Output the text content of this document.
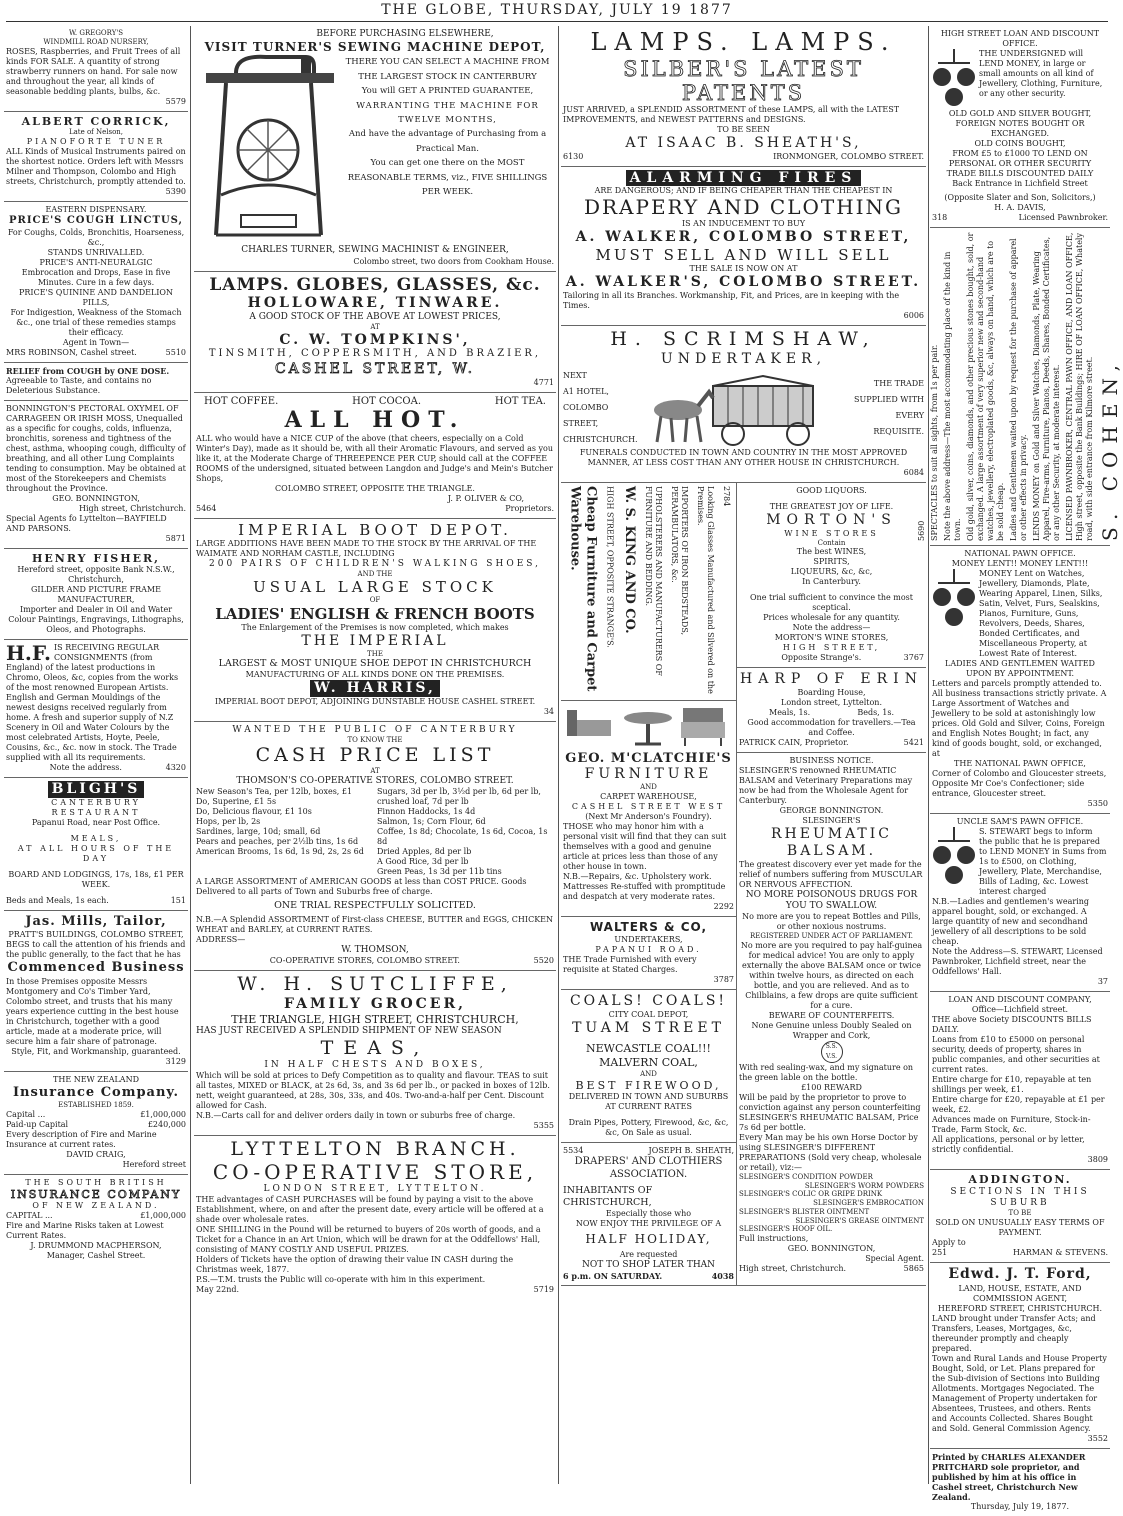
THE GLOBE, THURSDAY, JULY 19 1877
W. GREGORY'S
WINDMILL ROAD NURSERY,
ROSES, Raspberries, and Fruit Trees of all kinds FOR SALE. A quantity of strong strawberry runners on hand. For sale now and throughout the year, all kinds of seasonable bedding plants, bulbs, &c.
5579
ALBERT CORRICK,
Late of Nelson,
PIANOFORTE TUNER
ALL Kinds of Musical Instruments paired on the shortest notice. Orders left with Messrs Milner and Thompson, Colombo and High streets, Christchurch, promptly attended to.
5390
EASTERN DISPENSARY.
PRICE'S COUGH LINCTUS,
For Coughs, Colds, Bronchitis, Hoarseness, &c.,
STANDS UNRIVALLED.
PRICE'S ANTI-NEURALGIC
Embrocation and Drops, Ease in five Minutes. Cure in a few days.
PRICE'S QUININE AND DANDELION PILLS,
For Indigestion, Weakness of the Stomach &c., one trial of these remedies stamps their efficacy.
Agent in Town—
MRS ROBINSON, Cashel street.	5510
RELIEF from COUGH by ONE DOSE.
Agreeable to Taste, and contains no Deleterious Substance.
BONNINGTON'S PECTORAL OXYMEL OF CARRAGEEN OR IRISH MOSS, Unequalled as a specific for coughs, colds, influenza, bronchitis, soreness and tightness of the chest, asthma, whooping cough, difficulty of breathing, and all other Lung Complaints tending to consumption. May be obtained at most of the Storekeepers and Chemists throughout the Province.
GEO. BONNINGTON,
High street, Christchurch.
Special Agents fo Lyttelton—BAYFIELD AND PARSONS.
5871
HENRY FISHER,
Hereford street, opposite Bank N.S.W., Christchurch,
GILDER AND PICTURE FRAME MANUFACTURER,
Importer and Dealer in Oil and Water Colour Paintings, Engravings, Lithographs, Oleos, and Photographs.
H.F. IS RECEIVING REGULAR CONSIGNMENTS (from England) of the latest productions in Chromo, Oleos, &c, copies from the works of the most renowned European Artists. English and German Mouldings of the newest designs received regularly from home. A fresh and superior supply of N.Z Scenery in Oil and Water Colours by the most celebrated Artists, Hoyte, Peele, Cousins, &c., &c. now in stock. The Trade supplied with all its requirements.
Note the address.	4320
BLIGH'S
CANTERBURY RESTAURANT
Papanui Road, near Post Office.
MEALS,
AT ALL HOURS OF THE DAY
BOARD AND LODGINGS, 17s, 18s, £1 PER WEEK.
Beds and Meals, 1s each.	151
Jas. Mills, Tailor,
PRATT'S BUILDINGS, COLOMBO STREET,
BEGS to call the attention of his friends and the public generally, to the fact that he has
Commenced Business
In those Premises opposite Messrs Montgomery and Co's Timber Yard, Colombo street, and trusts that his many years experience cutting in the best house in Christchurch, together with a good article, made at a moderate price, will secure him a fair share of patronage.
Style, Fit, and Workmanship, guaranteed.
3129
THE NEW ZEALAND
Insurance Company.
ESTABLISHED 1859.
Capital ...	£1,000,000
Paid-up Capital	£240,000
Every description of Fire and Marine Insurance at current rates.
DAVID CRAIG,
Hereford street
THE SOUTH BRITISH
INSURANCE COMPANY
OF NEW ZEALAND.
CAPITAL ...	£1,000,000
Fire and Marine Risks taken at Lowest Current Rates.
J. DRUMMOND MACPHERSON,
Manager, Cashel Street.
BEFORE PURCHASING ELSEWHERE,
VISIT TURNER'S SEWING MACHINE DEPOT,
THERE YOU CAN SELECT A MACHINE FROM THE LARGEST STOCK IN CANTERBURY
You will GET A PRINTED GUARANTEE,
WARRANTING THE MACHINE FOR TWELVE MONTHS,
And have the advantage of Purchasing from a Practical Man.
You can get one there on the MOST REASONABLE TERMS, viz., FIVE SHILLINGS PER WEEK.
CHARLES TURNER, SEWING MACHINIST & ENGINEER,
Colombo street, two doors from Cookham House.
LAMPS. GLOBES, GLASSES, &c.
HOLLOWARE, TINWARE.
A GOOD STOCK OF THE ABOVE AT LOWEST PRICES,
AT
C. W. TOMPKINS',
TINSMITH, COPPERSMITH, AND BRAZIER,
CASHEL STREET, W.
4771
HOT COFFEE.	HOT COCOA.	HOT TEA.
ALL HOT.
ALL who would have a NICE CUP of the above (that cheers, especially on a Cold Winter's Day), made as it should be, with all their Aromatic Flavours, and served as you like it, at the Moderate Charge of THREEPENCE PER CUP, should call at the COFFEE ROOMS of the undersigned, situated between Langdon and Judge's and Mein's Butcher Shops,
COLOMBO STREET, OPPOSITE THE TRIANGLE.
J. P. OLIVER & CO,
5464	Proprietors.
IMPERIAL BOOT DEPOT.
LARGE ADDITIONS HAVE BEEN MADE TO THE STOCK BY THE ARRIVAL OF THE WAIMATE AND NORHAM CASTLE, INCLUDING
200 PAIRS OF CHILDREN'S WALKING SHOES,
AND THE
USUAL LARGE STOCK
OF
LADIES' ENGLISH & FRENCH BOOTS
The Enlargement of the Premises is now completed, which makes
THE IMPERIAL
THE
LARGEST & MOST UNIQUE SHOE DEPOT IN CHRISTCHURCH
MANUFACTURING OF ALL KINDS DONE ON THE PREMISES.
W. HARRIS,
IMPERIAL BOOT DEPOT, ADJOINING DUNSTABLE HOUSE CASHEL STREET.
34
WANTED THE PUBLIC OF CANTERBURY
TO KNOW THE
CASH PRICE LIST
AT
THOMSON'S CO-OPERATIVE STORES, COLOMBO STREET.
New Season's Tea, per 12lb, boxes, £1
Do, Superine, £1 5s
Do, Delicious flavour, £1 10s
Hops, per lb, 2s
Sardines, large, 10d; small, 6d
Pears and peaches, per 2½lb tins, 1s 6d
American Brooms, 1s 6d, 1s 9d, 2s, 2s 6d
Sugars, 3d per lb, 3½d per lb, 6d per lb, crushed loaf, 7d per lb
Finnon Haddocks, 1s 4d
Salmon, 1s; Corn Flour, 6d
Coffee, 1s 8d; Chocolate, 1s 6d, Cocoa, 1s 8d
Dried Apples, 8d per lb
A Good Rice, 3d per lb
Green Peas, 1s 3d per 11b tins
A LARGE ASSORTMENT of AMERICAN GOODS at less than COST PRICE. Goods Delivered to all parts of Town and Suburbs free of charge.
ONE TRIAL RESPECTFULLY SOLICITED.
N.B.—A Splendid ASSORTMENT of First-class CHEESE, BUTTER and EGGS, CHICKEN WHEAT and BARLEY, at CURRENT RATES.
ADDRESS—
W. THOMSON,
CO-OPERATIVE STORES, COLOMBO STREET.	5520
W. H. SUTCLIFFE,
FAMILY GROCER,
THE TRIANGLE, HIGH STREET, CHRISTCHURCH,
HAS JUST RECEIVED A SPLENDID SHIPMENT OF NEW SEASON
TEAS,
IN HALF CHESTS AND BOXES,
Which will be sold at prices to Defy Competition as to quality and flavour. TEAS to suit all tastes, MIXED or BLACK, at 2s 6d, 3s, and 3s 6d per lb., or packed in boxes of 12lb. nett, weight guaranteed, at 28s, 30s, 33s, and 40s. Two-and-a-half per Cent. Discount allowed for Cash.
N.B.—Carts call for and deliver orders daily in town or suburbs free of charge.
5355
LYTTELTON BRANCH.
CO-OPERATIVE STORE,
LONDON STREET, LYTTELTON.
THE advantages of CASH PURCHASES will be found by paying a visit to the above Establishment, where, on and after the present date, every article will be offered at a shade over wholesale rates.
ONE SHILLING in the Pound will be returned to buyers of 20s worth of goods, and a Ticket for a Chance in an Art Union, which will be drawn for at the Oddfellows' Hall, consisting of MANY COSTLY AND USEFUL PRIZES.
Holders of Tickets have the option of drawing their value IN CASH during the Christmas week, 1877.
P.S.—T.M. trusts the Public will co-operate with him in this experiment.
May 22nd.	5719
LAMPS. LAMPS.
SILBER'S LATEST PATENTS
JUST ARRIVED, a SPLENDID ASSORTMENT of these LAMPS, all with the LATEST IMPROVEMENTS, and NEWEST PATTERNS and DESIGNS.
TO BE SEEN
AT ISAAC B. SHEATH'S,
6130	IRONMONGER, COLOMBO STREET.
ALARMING FIRES
ARE DANGEROUS; AND IF BEING CHEAPER THAN THE CHEAPEST IN
DRAPERY AND CLOTHING
IS AN INDUCEMENT TO BUY
A. WALKER, COLOMBO STREET,
MUST SELL AND WILL SELL
THE SALE IS NOW ON AT
A. WALKER'S, COLOMBO STREET.
Tailoring in all its Branches. Workmanship, Fit, and Prices, are in keeping with the Times.
6006
H. SCRIMSHAW,
UNDERTAKER,
NEXT
A1 HOTEL,
COLOMBO STREET,
CHRISTCHURCH.
THE TRADE
SUPPLIED WITH
EVERY
REQUISITE.
FUNERALS CONDUCTED IN TOWN AND COUNTRY IN THE MOST APPROVED MANNER, AT LESS COST THAN ANY OTHER HOUSE IN CHRISTCHURCH.
6084
Cheap Furniture and Carpet Warehouse.	HIGH STREET, OPPOSITE STRANGE'S. W. S. KING AND CO.	UPHOLSTERERS AND MANUFACTURERS OF FURNITURE AND BEDDING.	IMPORTERS OF IRON BEDSTEADS, PERAMBULATORS, &c.	Looking Glasses Manufactured and Silvered on the Premises.	2784
GEO. M'CLATCHIE'S
FURNITURE
AND
CARPET WAREHOUSE,
CASHEL STREET WEST
(Next Mr Anderson's Foundry).
THOSE who may honor him with a personal visit will find that they can suit themselves with a good and genuine article at prices less than those of any other house in town.
N.B.—Repairs, &c. Upholstery work. Mattresses Re-stuffed with promptitude and despatch at very moderate rates.
2292
WALTERS & CO,
UNDERTAKERS,
PAPANUI ROAD.
THE Trade Furnished with every requisite at Stated Charges.
3787
COALS! COALS!
CITY COAL DEPOT,
TUAM STREET
NEWCASTLE COAL!!!
MALVERN COAL,
AND
BEST FIREWOOD,
DELIVERED IN TOWN AND SUBURBS AT CURRENT RATES
Drain Pipes, Pottery, Firewood, &c, &c, &c, On Sale as usual.
5534	JOSEPH B. SHEATH,
DRAPERS' AND CLOTHIERS ASSOCIATION.
INHABITANTS OF CHRISTCHURCH,
Especially those who
NOW ENJOY THE PRIVILEGE OF A
HALF HOLIDAY,
Are requested
NOT TO SHOP LATER THAN
6 p.m. ON SATURDAY.	4038
GOOD LIQUORS.
THE GREATEST JOY OF LIFE.
MORTON'S
WINE STORES
Contain
The best WINES,
SPIRITS,
LIQUEURS, &c, &c,
In Canterbury.
One trial sufficient to convince the most sceptical.
Prices wholesale for any quantity.
Note the address—
MORTON'S WINE STORES,
HIGH STREET,
Opposite Strange's.	3767
HARP OF ERIN
Boarding House,
London street, Lyttelton.
Meals, 1s.	Beds, 1s.
Good accommodation for travellers.—Tea and Coffee.
PATRICK CAIN, Proprietor.	5421
BUSINESS NOTICE.
SLESINGER'S renowned RHEUMATIC BALSAM and Veterinary Preparations may now be had from the Wholesale Agent for Canterbury.
GEORGE BONNINGTON.
SLESINGER'S
RHEUMATIC BALSAM.
The greatest discovery ever yet made for the relief of numbers suffering from MUSCULAR OR NERVOUS AFFECTION.
NO MORE POISONOUS DRUGS FOR YOU TO SWALLOW.
No more are you to repeat Bottles and Pills, or other noxious nostrums.
REGISTERED UNDER ACT OF PARLIAMENT.
No more are you required to pay half-guinea for medical advice! You are only to apply externally the above BALSAM once or twice within twelve hours, as directed on each bottle, and you are relieved. And as to Chilblains, a few drops are quite sufficient for a cure.
BEWARE OF COUNTERFEITS.
None Genuine unless Doubly Sealed on Wrapper and Cork,
S.S. V.S.
With red sealing-wax, and my signature on the green lable on the bottle.
£100 REWARD
Will be paid by the proprietor to prove to conviction against any person counterfeiting SLESINGER'S RHEUMATIC BALSAM, Price 7s 6d per bottle.
Every Man may be his own Horse Doctor by using SLESINGER'S DIFFERENT PREPARATIONS (Sold very cheap, wholesale or retail), viz:—
SLESINGER'S CONDITION POWDER
SLESINGER'S WORM POWDERS
SLESINGER'S COLIC OR GRIPE DRINK
SLESINGER'S EMBROCATION
SLESINGER'S BLISTER OINTMENT
SLESINGER'S GREASE OINTMENT
SLESINGER'S HOOF OIL.
Full instructions,
GEO. BONNINGTON,
Special Agent.
High street, Christchurch.	5865
HIGH STREET LOAN AND DISCOUNT OFFICE.
THE UNDERSIGNED will LEND MONEY, in large or small amounts on all kind of Jewellery, Clothing, Furniture, or any other security.
OLD GOLD AND SILVER BOUGHT, FOREIGN NOTES BOUGHT OR EXCHANGED.
OLD COINS BOUGHT,
FROM £5 to £1000 TO LEND ON PERSONAL OR OTHER SECURITY
TRADE BILLS DISCOUNTED DAILY
Back Entrance in Lichfield Street
(Opposite Slater and Son, Solicitors,)
H. A. DAVIS,
318	Licensed Pawnbroker.
5690 SPECTACLES to suit all sights, from 1s per pair. Note the above address—The most accommodating place of the kind in town. Old gold, silver, coins, diamonds, and other precious stones bought, sold, or exchanged. A large assortment of very superior new and second-hand watches, jewellery, electroplated goods, &c, always on hand, which are to be sold cheap. Ladies and Gentlemen waited upon by request for the purchase of apparel or other effects in privacy. LENDS MONEY on Gold and Silver Watches, Diamonds, Plate, Wearing Apparel, Fire-arms, Furniture, Pianos, Deeds, Shares, Bonded Certificates, or any other Security, at moderate interest. LICENSED PAWNBROKER, CENTRAL PAWN OFFICE, AND LOAN OFFICE, High street, opposite the Bank Buildings; HIRE OF LOAN OFFICE, Whately road, with side entrance from Kilmore street. S. COHEN,
NATIONAL PAWN OFFICE.
MONEY LENT!! MONEY LENT!!!
MONEY Lent on Watches, Jewellery, Diamonds, Plate, Wearing Apparel, Linen, Silks, Satin, Velvet, Furs, Sealskins, Pianos, Furniture, Guns, Revolvers, Deeds, Shares, Bonded Certificates, and Miscellaneous Property, at Lowest Rate of Interest.
LADIES AND GENTLEMEN WAITED UPON BY APPOINTMENT.
Letters and parcels promptly attended to. All business transactions strictly private. A Large Assortment of Watches and Jewellery to be sold at astonishingly low prices. Old Gold and Silver, Coins, Foreign and English Notes Bought; in fact, any kind of goods bought, sold, or exchanged, at
THE NATIONAL PAWN OFFICE,
Corner of Colombo and Gloucester streets, Opposite Mr Coe's Confectioner; side entrance, Gloucester street.
5350
UNCLE SAM'S PAWN OFFICE.
S. STEWART begs to inform the public that he is prepared to LEND MONEY in Sums from 1s to £500, on Clothing, Jewellery, Plate, Merchandise, Bills of Lading, &c. Lowest interest charged
N.B.—Ladies and gentlemen's wearing apparel bought, sold, or exchanged. A large quantity of new and secondhand jewellery of all descriptions to be sold cheap.
Note the Address—S. STEWART, Licensed Pawnbroker, Lichfield street, near the Oddfellows' Hall.
37
LOAN AND DISCOUNT COMPANY,
Office—Lichfield street.
THE above Society DISCOUNTS BILLS DAILY.
Loans from £10 to £5000 on personal security, deeds of property, shares in public companies, and other securities at current rates.
Entire charge for £10, repayable at ten shillings per week, £1.
Entire charge for £20, repayable at £1 per week, £2.
Advances made on Furniture, Stock-in-Trade, Farm Stock, &c.
All applications, personal or by letter, strictly confidential.
3809
ADDINGTON.
SECTIONS IN THIS SUBURB
TO BE
SOLD ON UNUSUALLY EASY TERMS OF PAYMENT.
Apply to
251	HARMAN & STEVENS.
Edwd. J. T. Ford,
LAND, HOUSE, ESTATE, AND
COMMISSION AGENT,
HEREFORD STREET, CHRISTCHURCH.
LAND brought under Transfer Acts; and Transfers, Leases, Mortgages, &c, thereunder promptly and cheaply prepared.
Town and Rural Lands and House Property Bought, Sold, or Let. Plans prepared for the Sub-division of Sections into Building Allotments. Mortgages Negociated. The Management of Property undertaken for Absentees, Trustees, and others. Rents and Accounts Collected. Shares Bought and Sold. General Commission Agency.
3552
Printed by CHARLES ALEXANDER PRITCHARD sole proprietor, and published by him at his office in Cashel street, Christchurch New Zealand.
Thursday, July 19, 1877.
